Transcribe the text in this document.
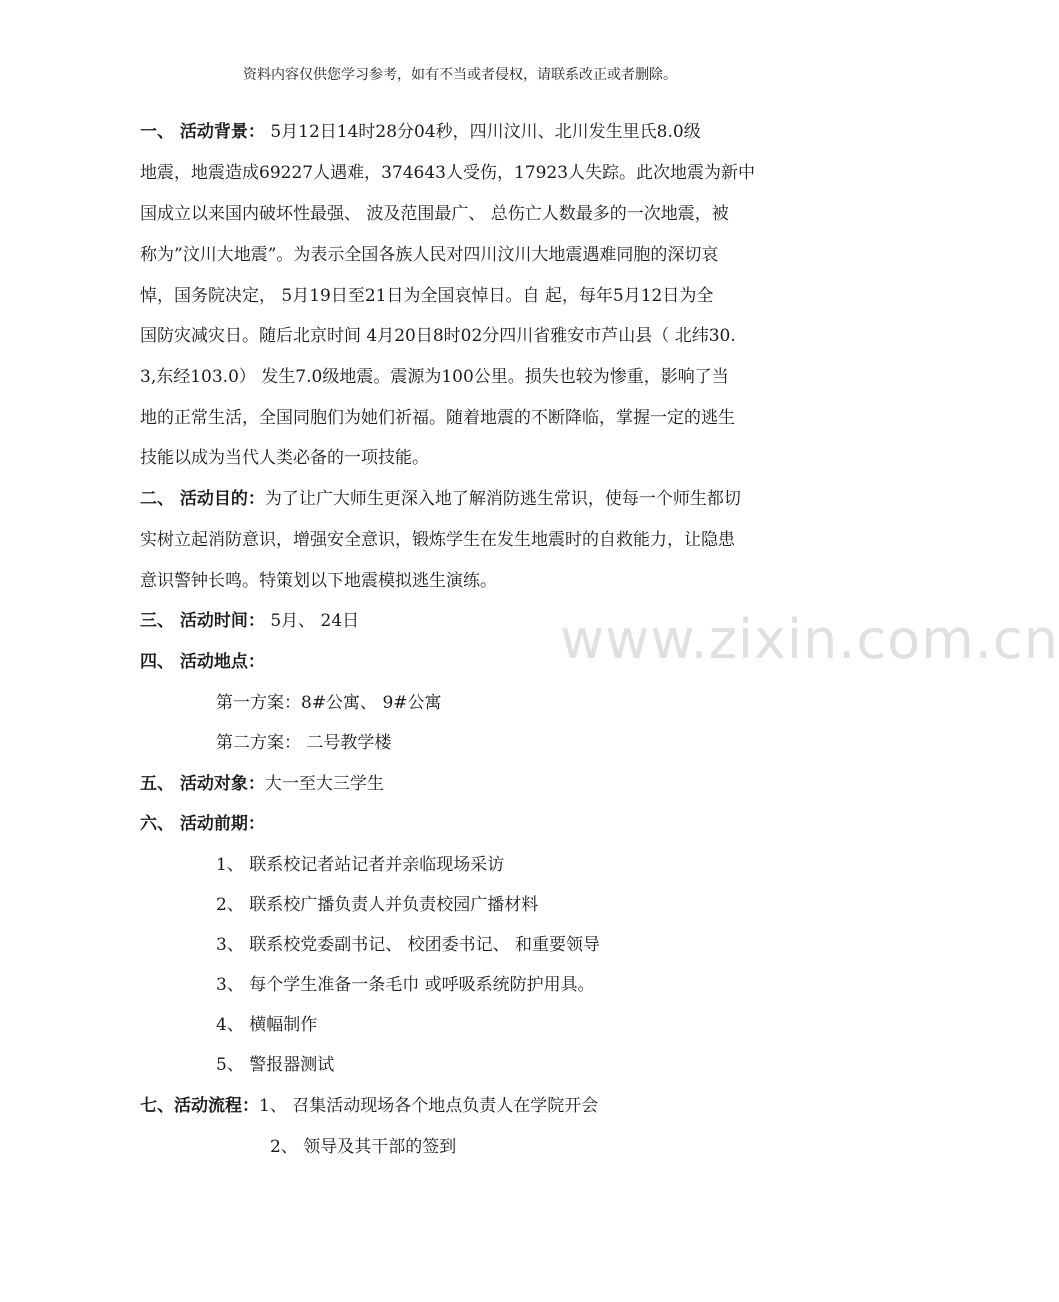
资料内容仅供您学习参考，如有不当或者侵权，请联系改正或者删除。
www.zixin.com.cn
一、 活动背景： 5月12日14时28分04秒，四川汶川、北川发生里氏8.0级
地震，地震造成69227人遇难，374643人受伤，17923人失踪。此次地震为新中
国成立以来国内破坏性最强、 波及范围最广、 总伤亡人数最多的一次地震，被
称为”汶川大地震”。为表示全国各族人民对四川汶川大地震遇难同胞的深切哀
悼，国务院决定， 5月19日至21日为全国哀悼日。自 起，每年5月12日为全
国防灾减灾日。随后北京时间 4月20日8时02分四川省雅安市芦山县（ 北纬30.
3,东经103.0） 发生7.0级地震。震源为100公里。损失也较为惨重，影响了当
地的正常生活，全国同胞们为她们祈福。随着地震的不断降临，掌握一定的逃生
技能以成为当代人类必备的一项技能。
二、 活动目的：为了让广大师生更深入地了解消防逃生常识，使每一个师生都切
实树立起消防意识，增强安全意识，锻炼学生在发生地震时的自救能力，让隐患
意识警钟长鸣。特策划以下地震模拟逃生演练。
三、 活动时间： 5月、 24日
四、 活动地点：
第一方案：8#公寓、 9#公寓
第二方案： 二号教学楼
五、 活动对象：大一至大三学生
六、 活动前期：
1、 联系校记者站记者并亲临现场采访
2、 联系校广播负责人并负责校园广播材料
3、 联系校党委副书记、 校团委书记、 和重要领导
3、 每个学生准备一条毛巾 或呼吸系统防护用具。
4、 横幅制作
5、 警报器测试
七、活动流程：1、 召集活动现场各个地点负责人在学院开会
2、 领导及其干部的签到
